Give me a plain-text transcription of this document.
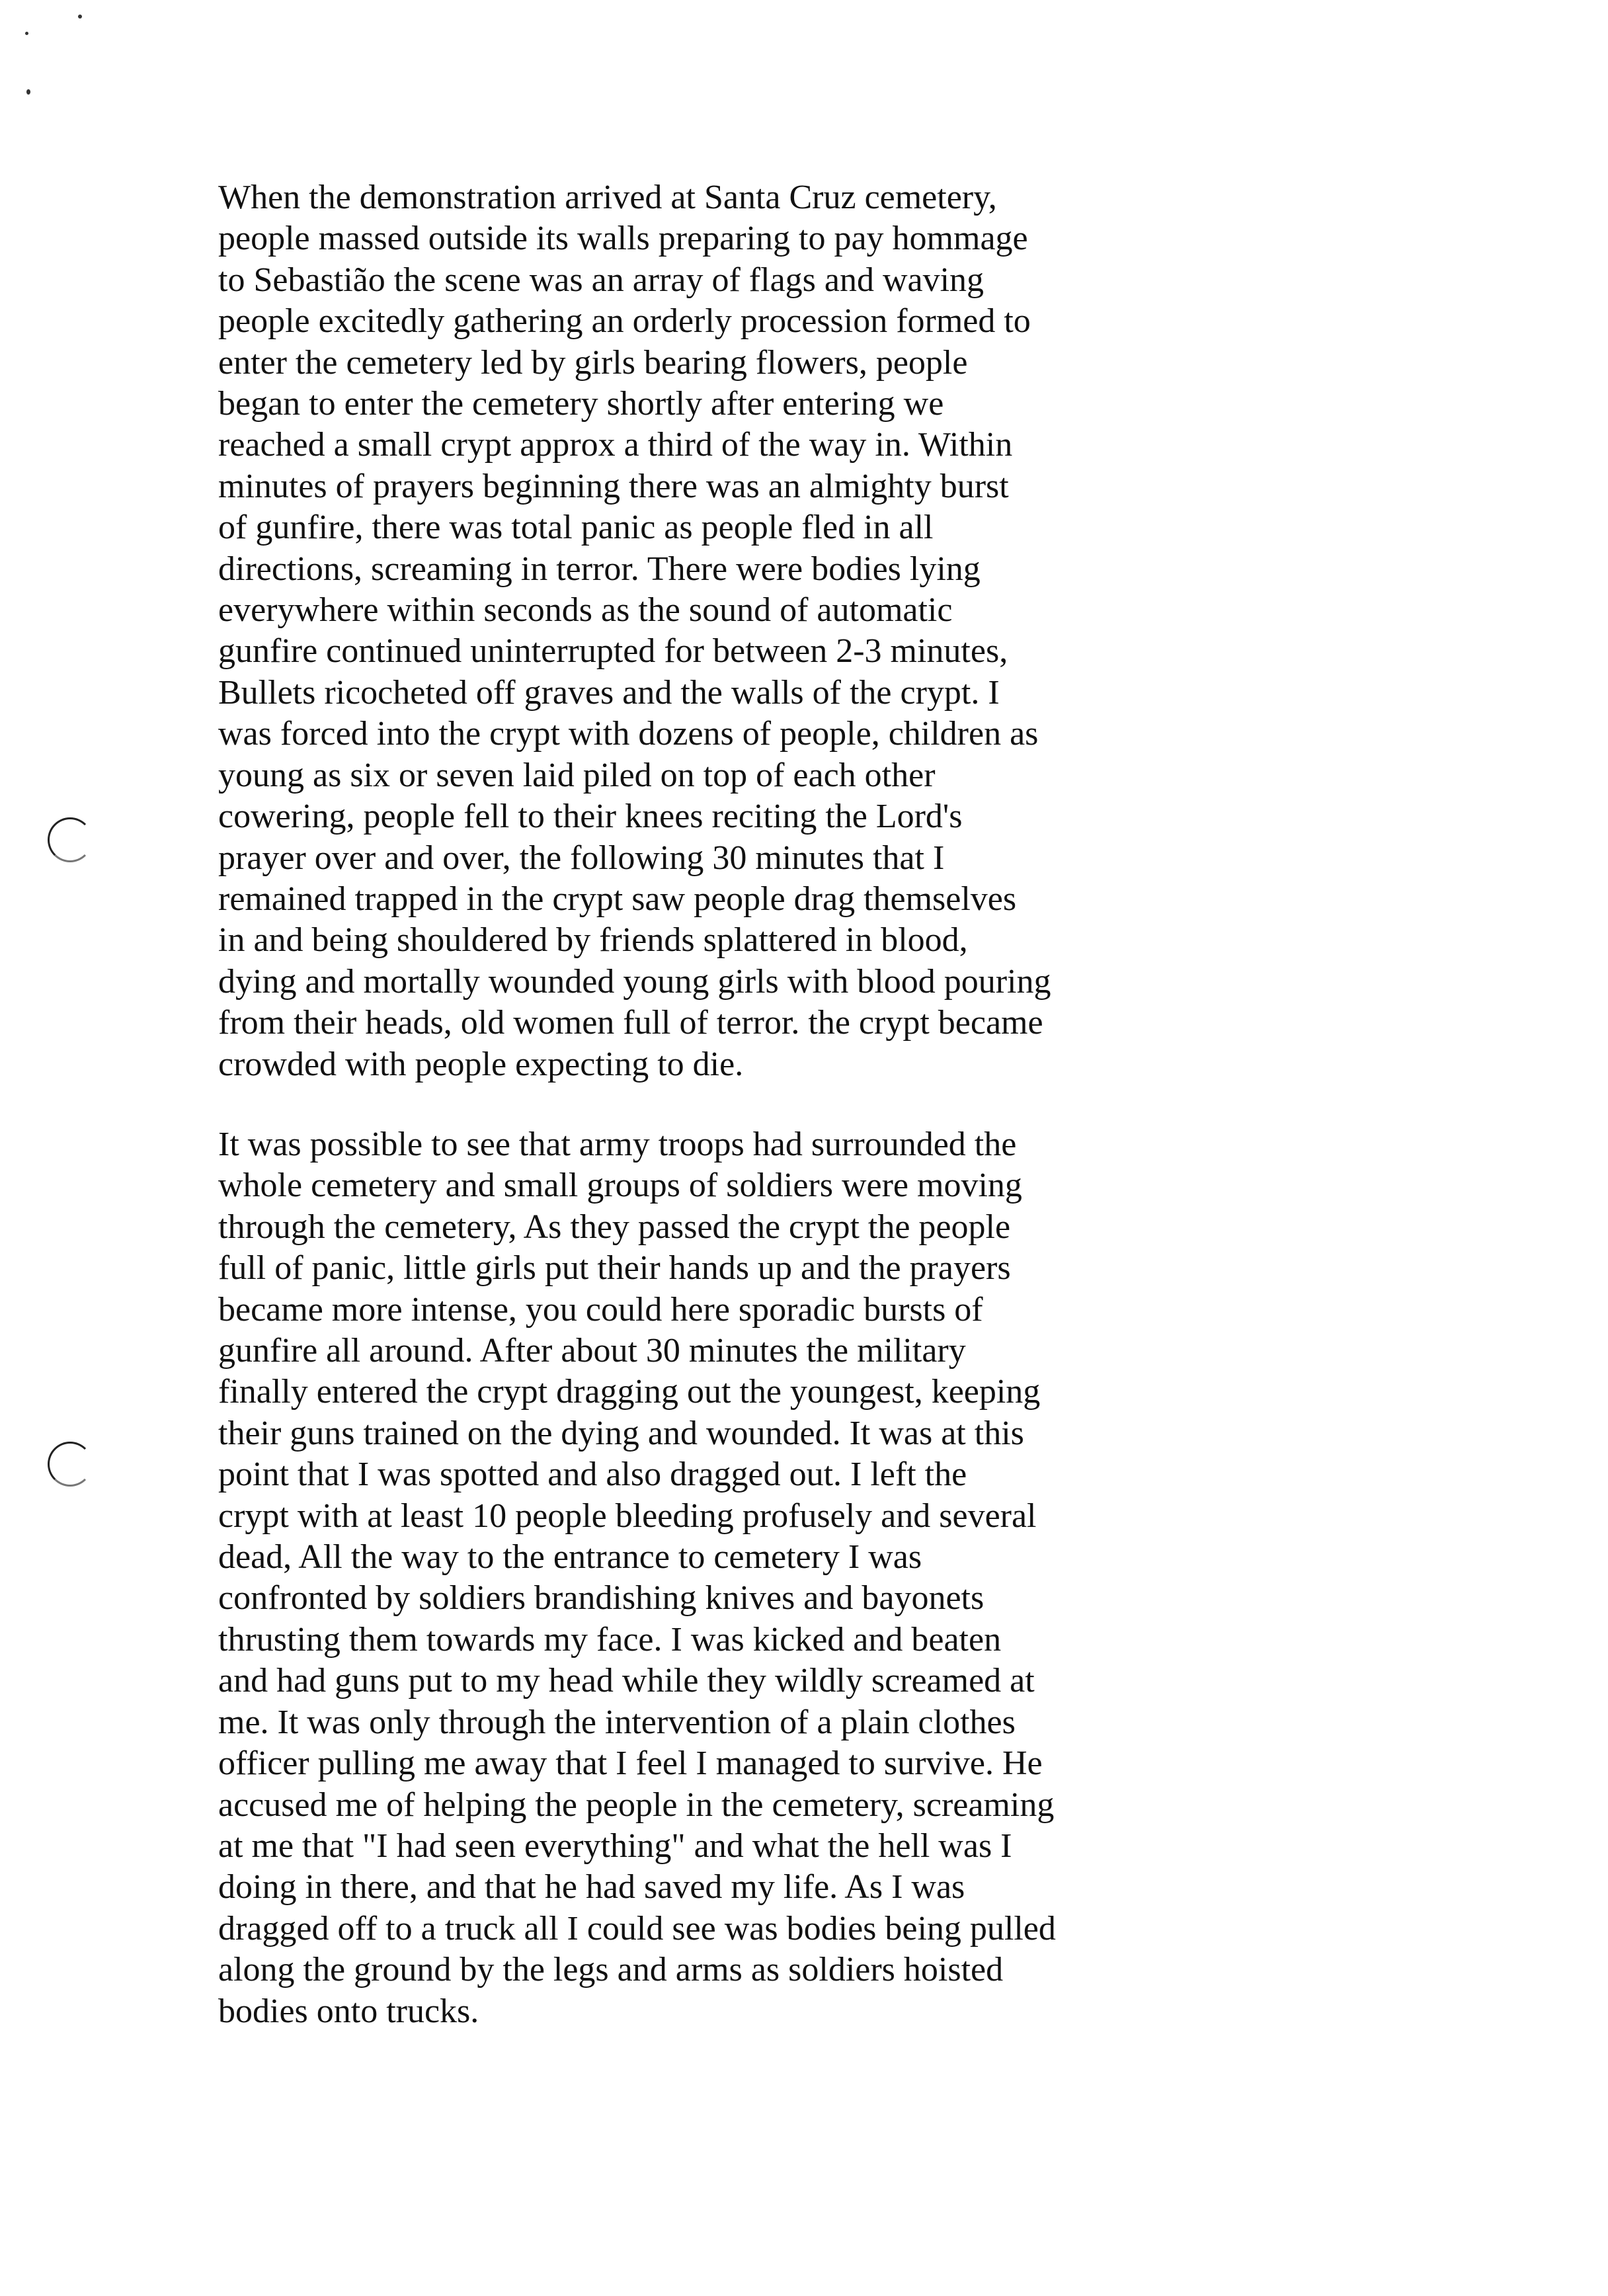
When the demonstration arrived at Santa Cruz cemetery,
people massed outside its walls preparing to pay hommage
to Sebastião the scene was an array of flags and waving
people excitedly gathering an orderly procession formed to
enter the cemetery led by girls bearing flowers, people
began to enter the cemetery shortly after entering we
reached a small crypt approx a third of the way in. Within
minutes of prayers beginning there was an almighty burst
of gunfire, there was total panic as people fled in all
directions, screaming in terror. There were bodies lying
everywhere within seconds as the sound of automatic
gunfire continued uninterrupted for between 2-3 minutes,
Bullets ricocheted off graves and the walls of the crypt. I
was forced into the crypt with dozens of people, children as
young as six or seven laid piled on top of each other
cowering, people fell to their knees reciting the Lord's
prayer over and over, the following 30 minutes that I
remained trapped in the crypt saw people drag themselves
in and being shouldered by friends splattered in blood,
dying and mortally wounded young girls with blood pouring
from their heads, old women full of terror. the crypt became
crowded with people expecting to die.
It was possible to see that army troops had surrounded the
whole cemetery and small groups of soldiers were moving
through the cemetery, As they passed the crypt the people
full of panic, little girls put their hands up and the prayers
became more intense, you could here sporadic bursts of
gunfire all around. After about 30 minutes the military
finally entered the crypt dragging out the youngest, keeping
their guns trained on the dying and wounded. It was at this
point that I was spotted and also dragged out. I left the
crypt with at least 10 people bleeding profusely and several
dead, All the way to the entrance to cemetery I was
confronted by soldiers brandishing knives and bayonets
thrusting them towards my face. I was kicked and beaten
and had guns put to my head while they wildly screamed at
me. It was only through the intervention of a plain clothes
officer pulling me away that I feel I managed to survive. He
accused me of helping the people in the cemetery, screaming
at me that "I had seen everything" and what the hell was I
doing in there, and that he had saved my life. As I was
dragged off to a truck all I could see was bodies being pulled
along the ground by the legs and arms as soldiers hoisted
bodies onto trucks.
